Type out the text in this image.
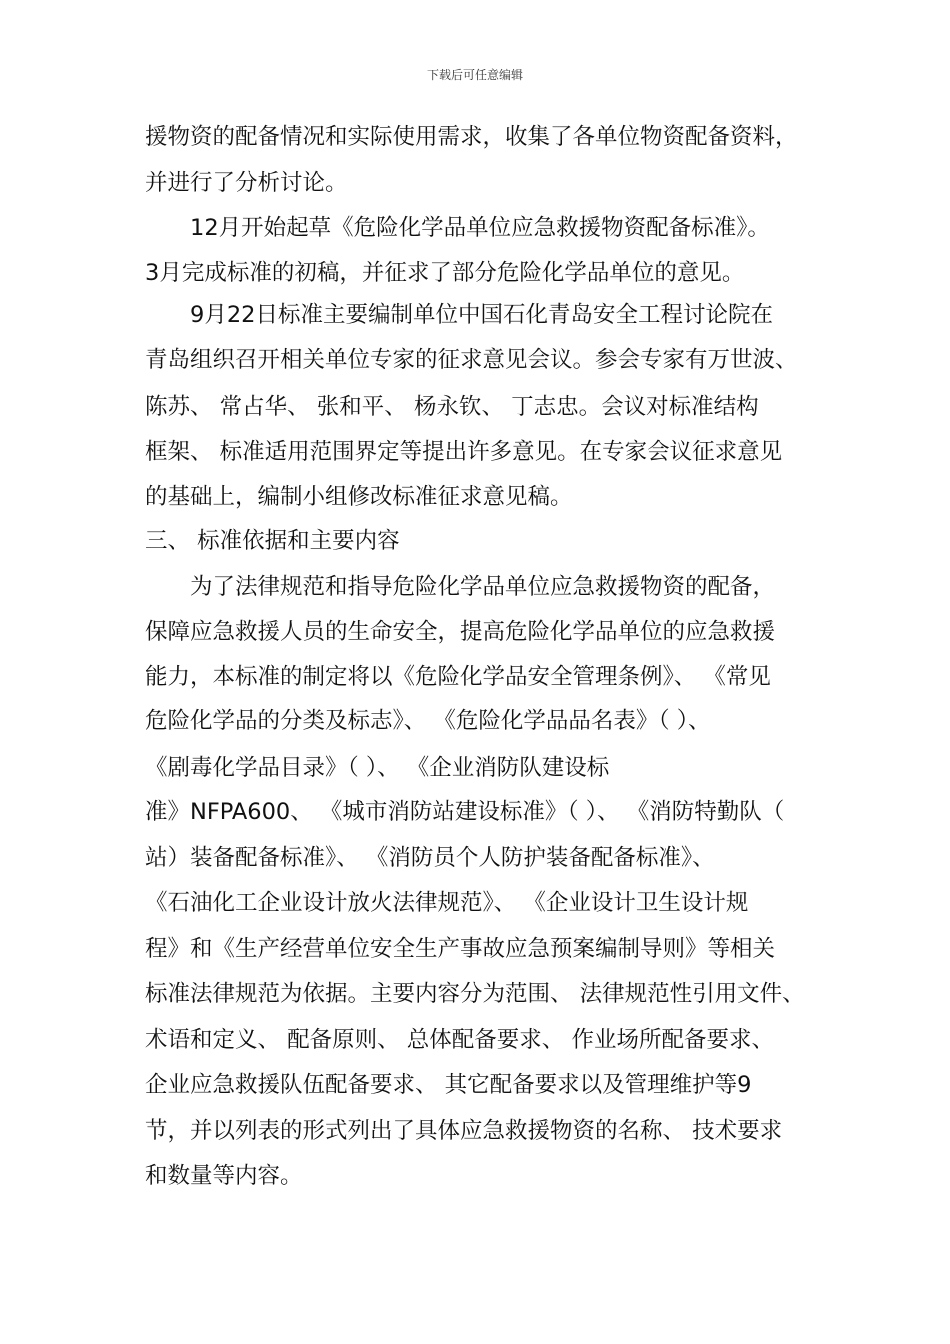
下载后可任意编辑
援物资的配备情况和实际使用需求，收集了各单位物资配备资料，
并进行了分析讨论。
12月开始起草《危险化学品单位应急救援物资配备标准》。
3月完成标准的初稿，并征求了部分危险化学品单位的意见。
9月22日标准主要编制单位中国石化青岛安全工程讨论院在
青岛组织召开相关单位专家的征求意见会议。参会专家有万世波、
陈苏、 常占华、 张和平、 杨永钦、 丁志忠。会议对标准结构
框架、 标准适用范围界定等提出许多意见。在专家会议征求意见
的基础上，编制小组修改标准征求意见稿。
三、 标准依据和主要内容
为了法律规范和指导危险化学品单位应急救援物资的配备，
保障应急救援人员的生命安全，提高危险化学品单位的应急救援
能力，本标准的制定将以《危险化学品安全管理条例》、 《常见
危险化学品的分类及标志》、 《危险化学品品名表》（ ）、
《剧毒化学品目录》（ ）、 《企业消防队建设标
准》NFPA600、 《城市消防站建设标准》（ ）、 《消防特勤队（
站）装备配备标准》、 《消防员个人防护装备配备标准》、
《石油化工企业设计放火法律规范》、 《企业设计卫生设计规
程》和《生产经营单位安全生产事故应急预案编制导则》等相关
标准法律规范为依据。主要内容分为范围、 法律规范性引用文件、
术语和定义、 配备原则、 总体配备要求、 作业场所配备要求、
企业应急救援队伍配备要求、 其它配备要求以及管理维护等9
节，并以列表的形式列出了具体应急救援物资的名称、 技术要求
和数量等内容。
